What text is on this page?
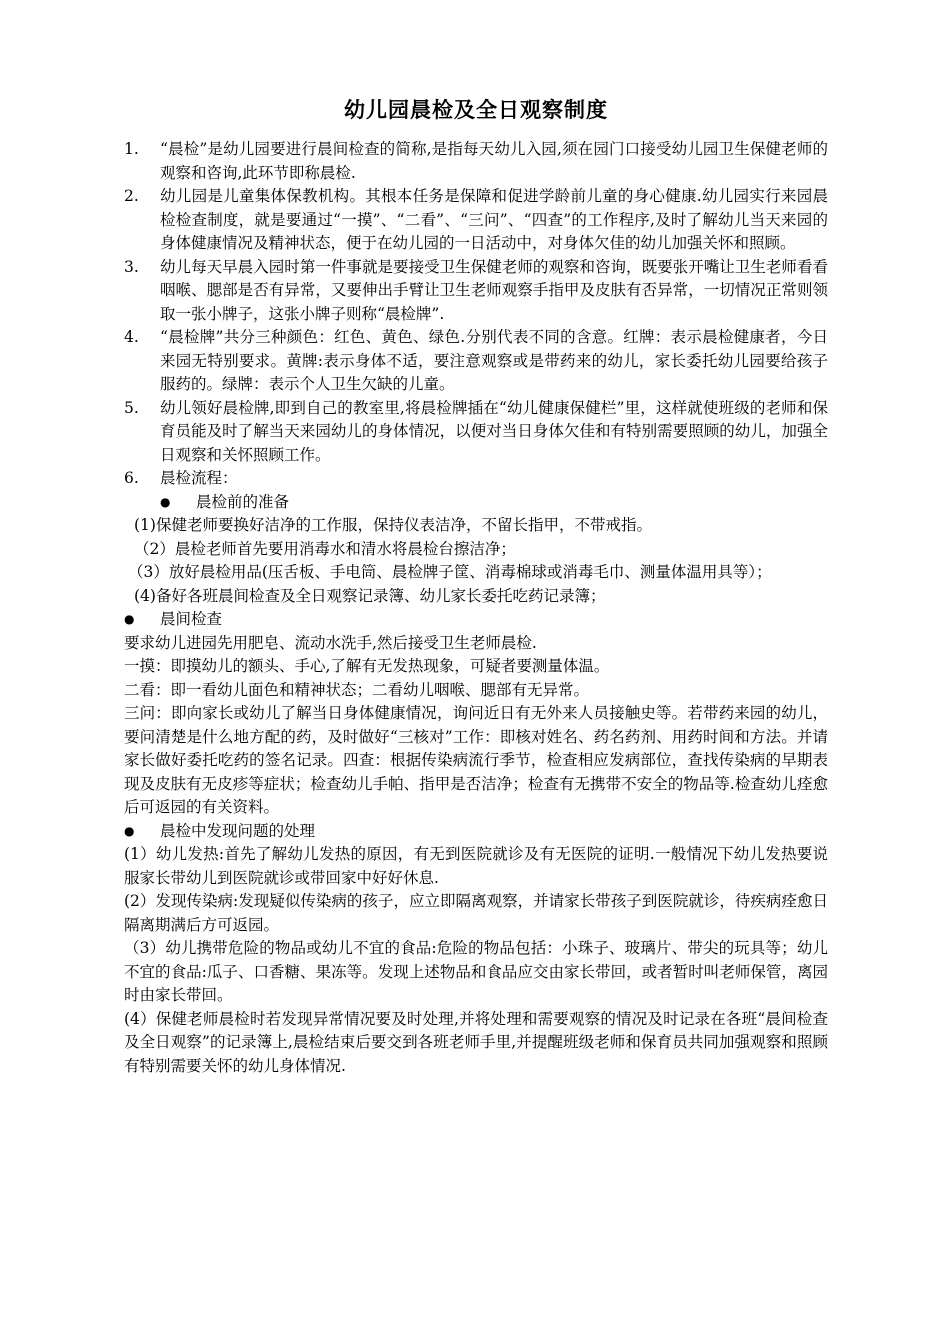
幼儿园晨检及全日观察制度
1.	“晨检”是幼儿园要进行晨间检查的简称,是指每天幼儿入园,须在园门口接受幼儿园卫生保健老师的观察和咨询,此环节即称晨检.
2.	幼儿园是儿童集体保教机构。其根本任务是保障和促进学龄前儿童的身心健康.幼儿园实行来园晨检检查制度，就是要通过“一摸”、“二看”、“三问”、“四查”的工作程序,及时了解幼儿当天来园的身体健康情况及精神状态，便于在幼儿园的一日活动中，对身体欠佳的幼儿加强关怀和照顾。
3.	幼儿每天早晨入园时第一件事就是要接受卫生保健老师的观察和咨询，既要张开嘴让卫生老师看看咽喉、腮部是否有异常，又要伸出手臂让卫生老师观察手指甲及皮肤有否异常，一切情况正常则领取一张小牌子，这张小牌子则称“晨检牌”.
4.	“晨检牌”共分三种颜色：红色、黄色、绿色.分别代表不同的含意。红牌：表示晨检健康者，今日来园无特别要求。黄牌:表示身体不适，要注意观察或是带药来的幼儿，家长委托幼儿园要给孩子服药的。绿牌：表示个人卫生欠缺的儿童。
5.	幼儿领好晨检牌,即到自己的教室里,将晨检牌插在“幼儿健康保健栏”里，这样就使班级的老师和保育员能及时了解当天来园幼儿的身体情况，以便对当日身体欠佳和有特别需要照顾的幼儿，加强全日观察和关怀照顾工作。
6.	晨检流程：
●	晨检前的准备

(1)保健老师要换好洁净的工作服，保持仪表洁净，不留长指甲，不带戒指。

（2）晨检老师首先要用消毒水和清水将晨检台擦洁净；

（3）放好晨检用品(压舌板、手电筒、晨检牌子筐、消毒棉球或消毒毛巾、测量体温用具等）；

(4)备好各班晨间检查及全日观察记录簿、幼儿家长委托吃药记录簿；

●	晨间检查

要求幼儿进园先用肥皂、流动水洗手,然后接受卫生老师晨检.

一摸：即摸幼儿的额头、手心,了解有无发热现象，可疑者要测量体温。

二看：即一看幼儿面色和精神状态；二看幼儿咽喉、腮部有无异常。

三问：即向家长或幼儿了解当日身体健康情况，询问近日有无外来人员接触史等。若带药来园的幼儿，要问清楚是什么地方配的药，及时做好“三核对”工作：即核对姓名、药名药剂、用药时间和方法。并请家长做好委托吃药的签名记录。四查：根据传染病流行季节，检查相应发病部位，查找传染病的早期表现及皮肤有无皮疹等症状；检查幼儿手帕、指甲是否洁净；检查有无携带不安全的物品等.检查幼儿痊愈后可返园的有关资料。

●	晨检中发现问题的处理

(1）幼儿发热:首先了解幼儿发热的原因，有无到医院就诊及有无医院的证明.一般情况下幼儿发热要说服家长带幼儿到医院就诊或带回家中好好休息.

(2）发现传染病:发现疑似传染病的孩子，应立即隔离观察，并请家长带孩子到医院就诊，待疾病痊愈日隔离期满后方可返园。

（3）幼儿携带危险的物品或幼儿不宜的食品:危险的物品包括：小珠子、玻璃片、带尖的玩具等；幼儿不宜的食品:瓜子、口香糖、果冻等。发现上述物品和食品应交由家长带回，或者暂时叫老师保管，离园时由家长带回。

(4）保健老师晨检时若发现异常情况要及时处理,并将处理和需要观察的情况及时记录在各班“晨间检查及全日观察”的记录簿上,晨检结束后要交到各班老师手里,并提醒班级老师和保育员共同加强观察和照顾有特别需要关怀的幼儿身体情况.
